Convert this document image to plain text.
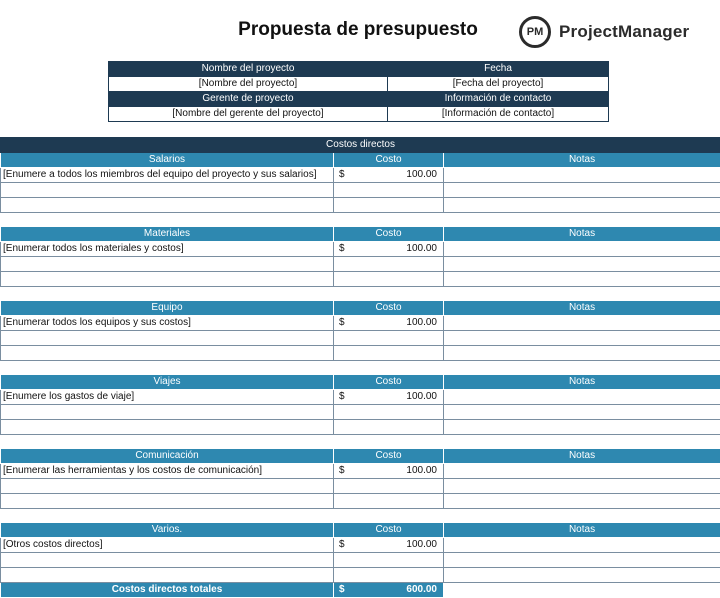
Propuesta de presupuesto	PM ProjectManager
Nombre del proyecto	Fecha
[Nombre del proyecto]	[Fecha del proyecto]
Gerente de proyecto	Información de contacto
[Nombre del gerente del proyecto]	[Información de contacto]
Costos directos		
Salarios	Costo	Notas
[Enumere a todos los miembros del equipo del proyecto y sus salarios]	$ 100.00	

Materiales	Costo	Notas
[Enumerar todos los materiales y costos]	$ 100.00	

Equipo	Costo	Notas
[Enumerar todos los equipos y sus costos]	$ 100.00	

Viajes	Costo	Notas
[Enumere los gastos de viaje]	$ 100.00	

Comunicación	Costo	Notas
[Enumerar las herramientas y los costos de comunicación]	$ 100.00	

Varios.	Costo	Notas
[Otros costos directos]	$ 100.00	

Costos directos totales	$ 600.00	
